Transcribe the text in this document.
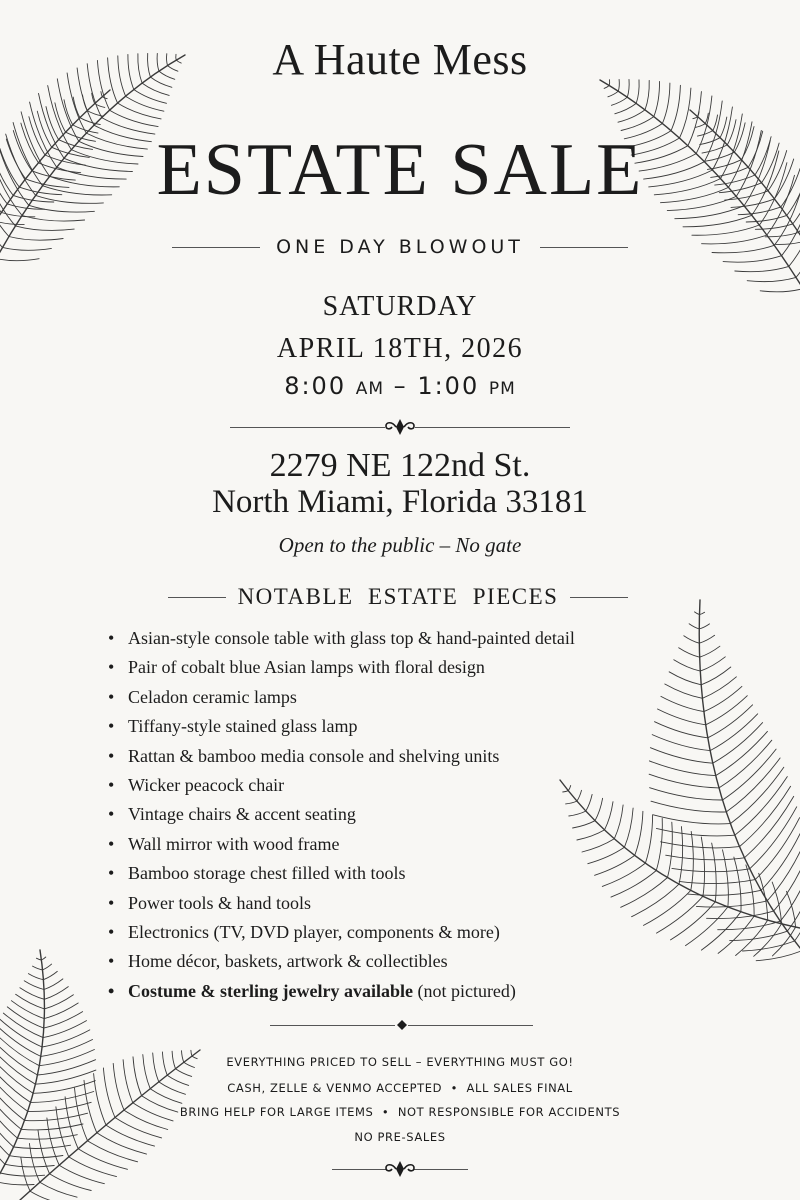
A Haute Mess
ESTATE SALE
ONE DAY BLOWOUT
SATURDAY
APRIL 18TH, 2026
8:00 AM – 1:00 PM
2279 NE 122nd St.
North Miami, Florida 33181
Open to the public – No gate
NOTABLE  ESTATE  PIECES
• Asian-style console table with glass top & hand-painted detail
• Pair of cobalt blue Asian lamps with floral design
• Celadon ceramic lamps
• Tiffany-style stained glass lamp
• Rattan & bamboo media console and shelving units
• Wicker peacock chair
• Vintage chairs & accent seating
• Wall mirror with wood frame
• Bamboo storage chest filled with tools
• Power tools & hand tools
• Electronics (TV, DVD player, components & more)
• Home décor, baskets, artwork & collectibles
• Costume & sterling jewelry available (not pictured)
EVERYTHING PRICED TO SELL – EVERYTHING MUST GO!
CASH, ZELLE & VENMO ACCEPTED  •  ALL SALES FINAL
BRING HELP FOR LARGE ITEMS  •  NOT RESPONSIBLE FOR ACCIDENTS
NO PRE-SALES
